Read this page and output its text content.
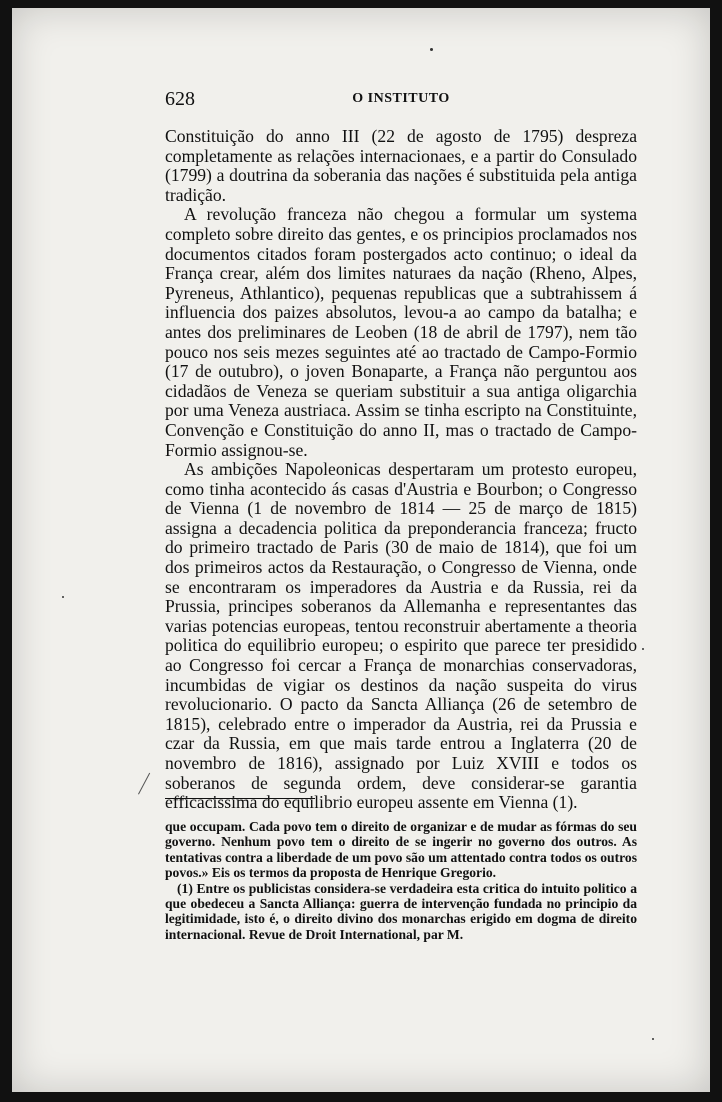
628	O INSTITUTO

Constituição do anno III (22 de agosto de 1795) despreza completamente as relações internacionaes, e a partir do Consulado (1799) a doutrina da soberania das nações é substituida pela antiga tradição.

A revolução franceza não chegou a formular um systema completo sobre direito das gentes, e os principios proclamados nos documentos citados foram postergados acto continuo; o ideal da França crear, além dos limites naturaes da nação (Rheno, Alpes, Pyreneus, Athlantico), pequenas republicas que a subtrahissem á influencia dos paizes absolutos, levou-a ao campo da batalha; e antes dos preliminares de Leoben (18 de abril de 1797), nem tão pouco nos seis mezes seguintes até ao tractado de Campo-Formio (17 de outubro), o joven Bonaparte, a França não perguntou aos cidadãos de Veneza se queriam substituir a sua antiga oligarchia por uma Veneza austriaca. Assim se tinha escripto na Constituinte, Convenção e Constituição do anno II, mas o tractado de Campo-Formio assignou-se.

As ambições Napoleonicas despertaram um protesto europeu, como tinha acontecido ás casas d'Austria e Bourbon; o Congresso de Vienna (1 de novembro de 1814 — 25 de março de 1815) assigna a decadencia politica da preponderancia franceza; fructo do primeiro tractado de Paris (30 de maio de 1814), que foi um dos primeiros actos da Restauração, o Congresso de Vienna, onde se encontraram os imperadores da Austria e da Russia, rei da Prussia, principes soberanos da Allemanha e representantes das varias potencias europeas, tentou reconstruir abertamente a theoria politica do equilibrio europeu; o espirito que parece ter presidido ao Congresso foi cercar a França de monarchias conservadoras, incumbidas de vigiar os destinos da nação suspeita do virus revolucionario. O pacto da Sancta Alliança (26 de setembro de 1815), celebrado entre o imperador da Austria, rei da Prussia e czar da Russia, em que mais tarde entrou a Inglaterra (20 de novembro de 1816), assignado por Luiz XVIII e todos os soberanos de segunda ordem, deve considerar-se garantia efficacissima do equilibrio europeu assente em Vienna (1).

que occupam. Cada povo tem o direito de organizar e de mudar as fórmas do seu governo. Nenhum povo tem o direito de se ingerir no governo dos outros. As tentativas contra a liberdade de um povo são um attentado contra todos os outros povos.» Eis os termos da proposta de Henrique Gregorio.

(1) Entre os publicistas considera-se verdadeira esta critica do intuito politico a que obedeceu a Sancta Alliança: guerra de intervenção fundada no principio da legitimidade, isto é, o direito divino dos monarchas erigido em dogma de direito internacional. Revue de Droit International, par M.
